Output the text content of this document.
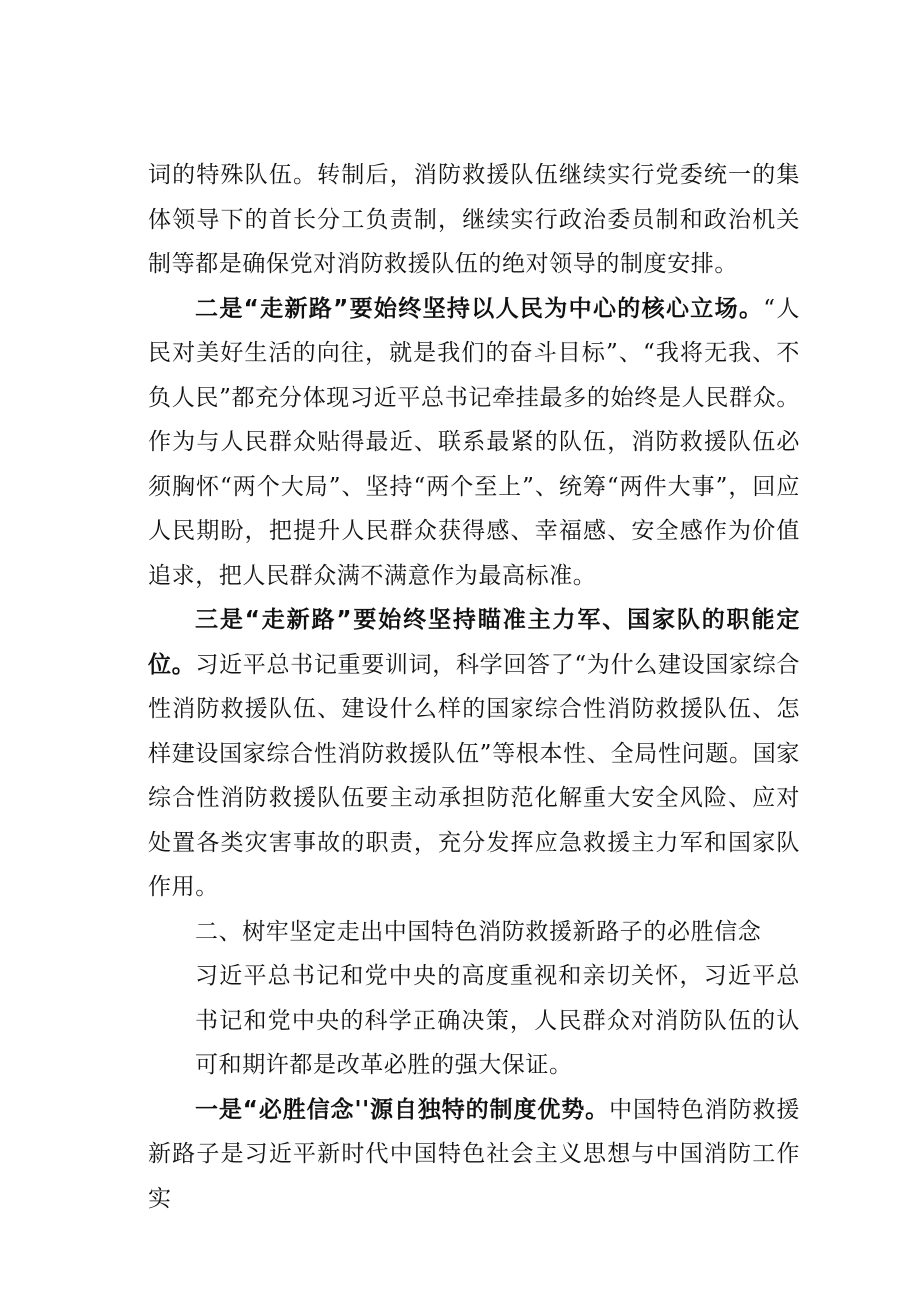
词的特殊队伍。转制后，消防救援队伍继续实行党委统一的集体领导下的首长分工负责制，继续实行政治委员制和政治机关制等都是确保党对消防救援队伍的绝对领导的制度安排。

二是“走新路”要始终坚持以人民为中心的核心立场。“人民对美好生活的向往，就是我们的奋斗目标”、“我将无我、不负人民”都充分体现习近平总书记牵挂最多的始终是人民群众。作为与人民群众贴得最近、联系最紧的队伍，消防救援队伍必须胸怀“两个大局”、坚持“两个至上”、统筹“两件大事”，回应人民期盼，把提升人民群众获得感、幸福感、安全感作为价值追求，把人民群众满不满意作为最高标准。

三是“走新路”要始终坚持瞄准主力军、国家队的职能定位。习近平总书记重要训词，科学回答了“为什么建设国家综合性消防救援队伍、建设什么样的国家综合性消防救援队伍、怎样建设国家综合性消防救援队伍”等根本性、全局性问题。国家综合性消防救援队伍要主动承担防范化解重大安全风险、应对处置各类灾害事故的职责，充分发挥应急救援主力军和国家队作用。

二、树牢坚定走出中国特色消防救援新路子的必胜信念

习近平总书记和党中央的高度重视和亲切关怀，习近平总书记和党中央的科学正确决策，人民群众对消防队伍的认可和期许都是改革必胜的强大保证。

一是“必胜信念''源自独特的制度优势。中国特色消防救援新路子是习近平新时代中国特色社会主义思想与中国消防工作实
